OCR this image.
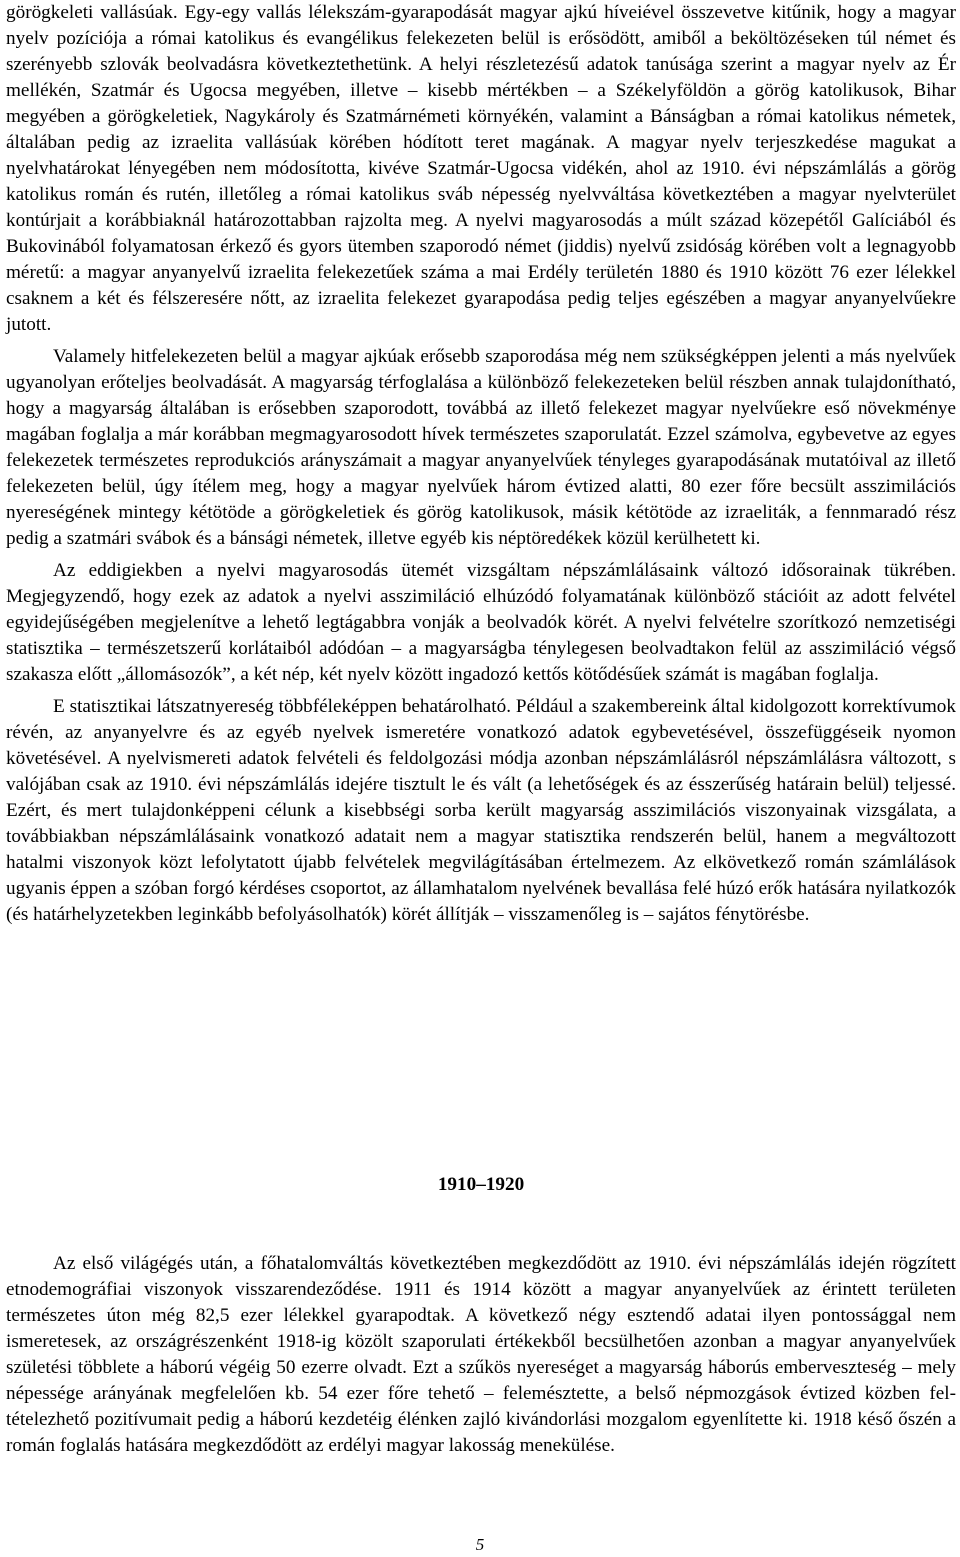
görögkeleti vallásúak. Egy-egy vallás lélekszám-gyarapodását magyar ajkú híveiével összevetve kitűnik, hogy a magyar nyelv pozíciója a római katolikus és evangélikus felekezeten belül is erősödött, amiből a beköltözéseken túl német és szerényebb szlovák beolvadásra következtethetünk. A helyi részletezésű adatok tanúsága szerint a magyar nyelv az Ér mellékén, Szatmár és Ugocsa megyében, illetve – kisebb mértékben – a Székelyföldön a görög katolikusok, Bihar megyében a görögkeletiek, Nagykároly és Szatmárnémeti környékén, valamint a Bánságban a római katolikus németek, általában pedig az izraelita vallásúak körében hódított teret magának. A magyar nyelv terjeszkedése magukat a nyelvhatárokat lényegében nem módosította, kivéve Szatmár-Ugocsa vidékén, ahol az 1910. évi népszámlálás a görög katolikus román és rutén, illetőleg a római katolikus sváb népesség nyelvváltása következtében a magyar nyelvterület kontúrjait a korábbiaknál határozottabban rajzolta meg. A nyelvi magyarosodás a múlt század közepétől Galíciából és Bukovinából folyamatosan érkező és gyors ütemben szaporodó német (jiddis) nyelvű zsidóság körében volt a legnagyobb méretű: a magyar anyanyelvű izraelita felekezetűek száma a mai Erdély területén 1880 és 1910 között 76 ezer lélekkel csaknem a két és félszeresére nőtt, az izraelita felekezet gyarapodása pedig teljes egészében a magyar anyanyelvűekre jutott.

Valamely hitfelekezeten belül a magyar ajkúak erősebb szaporodása még nem szükségképpen jelenti a más nyelvűek ugyanolyan erőteljes beolvadását. A magyarság térfoglalása a különböző felekezeteken belül részben annak tulajdonítható, hogy a magyarság általában is erősebben szaporodott, továbbá az illető felekezet magyar nyelvűekre eső növekménye magában foglalja a már korábban megmagyarosodott hívek természetes szaporulatát. Ezzel számolva, egybevetve az egyes felekezetek természetes reprodukciós arányszámait a magyar anyanyelvűek tényleges gyarapodásának mutatóival az illető felekezeten belül, úgy ítélem meg, hogy a magyar nyelvűek három évtized alatti, 80 ezer főre becsült asszimilációs nyereségének mintegy kétötöde a görögkeletiek és görög katolikusok, másik kétötöde az izraeliták, a fennmaradó rész pedig a szatmári svábok és a bánsági németek, illetve egyéb kis néptöredékek közül kerülhetett ki.

Az eddigiekben a nyelvi magyarosodás ütemét vizsgáltam népszámlálásaink változó idősorainak tükrében. Megjegyzendő, hogy ezek az adatok a nyelvi asszimiláció elhúzódó folyamatának különböző stációit az adott felvétel egyidejűségében megjelenítve a lehető legtágabbra vonják a beolvadók körét. A nyelvi felvételre szorítkozó nemzetiségi statisztika – természetszerű korlátaiból adódóan – a magyarságba ténylegesen beolvadtakon felül az asszimiláció végső szakasza előtt „állomásozók”, a két nép, két nyelv között ingadozó kettős kötődésűek számát is magában foglalja.

E statisztikai látszatnyereség többféleképpen behatárolható. Például a szakembereink által kidolgozott korrektívumok révén, az anyanyelvre és az egyéb nyelvek ismeretére vonatkozó adatok egybevetésével, összefüggéseik nyomon követésével. A nyelvismereti adatok felvételi és feldolgozási módja azonban népszámlálásról népszámlálásra változott, s valójában csak az 1910. évi népszámlálás idejére tisztult le és vált (a lehetőségek és az ésszerűség határain belül) teljessé. Ezért, és mert tulajdonképpeni célunk a kisebbségi sorba került magyarság asszimilációs viszonyainak vizsgálata, a továbbiakban népszámlálásaink vonatkozó adatait nem a magyar statisztika rendszerén belül, hanem a megváltozott hatalmi viszonyok közt lefolytatott újabb felvételek megvilágításában értelmezem. Az elkövetkező román számlálások ugyanis éppen a szóban forgó kérdéses csoportot, az államhatalom nyelvének bevallása felé húzó erők hatására nyilatkozók (és határhelyzetekben leginkább befolyásolhatók) körét állítják – visszamenőleg is – sajátos fénytörésbe.

1910–1920

Az első világégés után, a főhatalomváltás következtében megkezdődött az 1910. évi népszámlálás idején rögzített etnodemográfiai viszonyok visszarendeződése. 1911 és 1914 között a magyar anyanyelvűek az érintett területen természetes úton még 82,5 ezer lélekkel gyarapodtak. A következő négy esztendő adatai ilyen pontossággal nem ismeretesek, az országrészenként 1918-ig közölt szaporulati értékekből becsülhetően azonban a magyar anyanyelvűek születési többlete a háború végéig 50 ezerre olvadt. Ezt a szűkös nyereséget a magyarság háborús emberveszteség – mely népessége arányának megfelelően kb. 54 ezer főre tehető – felemésztette, a belső népmozgások évtized közben feltételezhető pozitívumait pedig a háború kezdetéig élénken zajló kivándorlási mozgalom egyenlítette ki. 1918 késő őszén a román foglalás hatására megkezdődött az erdélyi magyar lakosság menekülése.

5
